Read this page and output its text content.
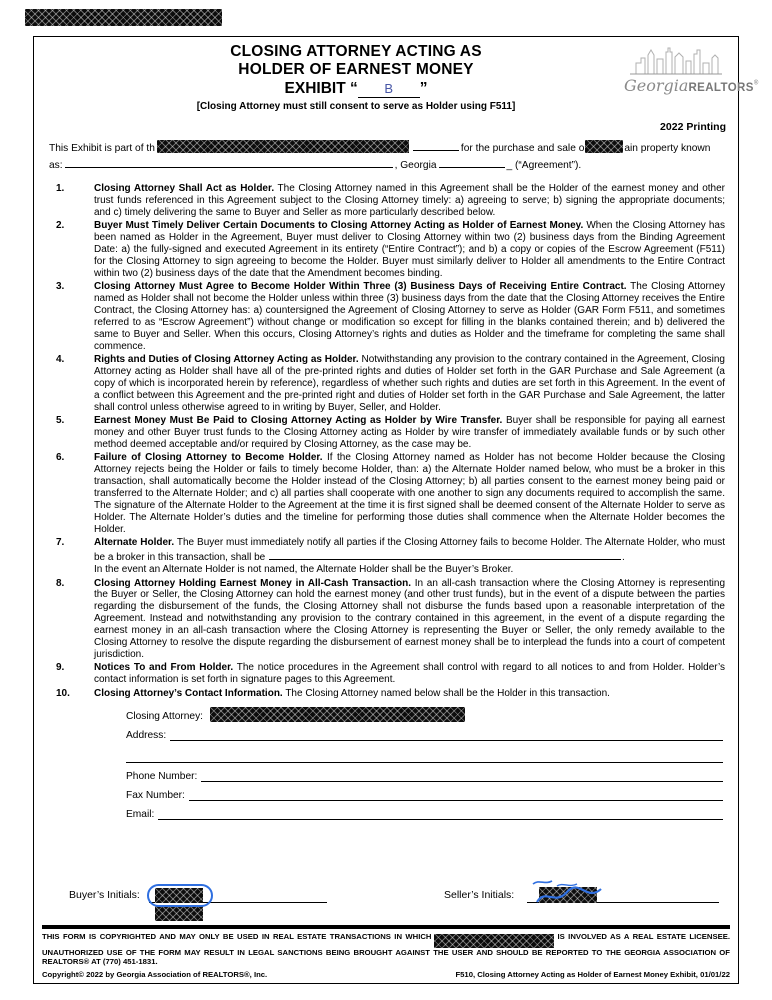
GeorgiaREALTORS®
CLOSING ATTORNEY ACTING AS
HOLDER OF EARNEST MONEY
EXHIBIT “ B ”
[Closing Attorney must still consent to serve as Holder using F511]
2022 Printing
This Exhibit is part of th	for the purchase and sale o	ain property known
as:	, Georgia	_ (“Agreement”).
1.	Closing Attorney Shall Act as Holder. The Closing Attorney named in this Agreement shall be the Holder of the earnest money and other trust funds referenced in this Agreement subject to the Closing Attorney timely: a) agreeing to serve; b) signing the appropriate documents; and c) timely delivering the same to Buyer and Seller as more particularly described below.
2.	Buyer Must Timely Deliver Certain Documents to Closing Attorney Acting as Holder of Earnest Money. When the Closing Attorney has been named as Holder in the Agreement, Buyer must deliver to Closing Attorney within two (2) business days from the Binding Agreement Date: a) the fully-signed and executed Agreement in its entirety (“Entire Contract”); and b) a copy or copies of the Escrow Agreement (F511) for the Closing Attorney to sign agreeing to become the Holder. Buyer must similarly deliver to Holder all amendments to the Entire Contract within two (2) business days of the date that the Amendment becomes binding.
3.	Closing Attorney Must Agree to Become Holder Within Three (3) Business Days of Receiving Entire Contract. The Closing Attorney named as Holder shall not become the Holder unless within three (3) business days from the date that the Closing Attorney receives the Entire Contract, the Closing Attorney has: a) countersigned the Agreement of Closing Attorney to serve as Holder (GAR Form F511, and sometimes referred to as “Escrow Agreement”) without change or modification so except for filling in the blanks contained therein; and b) delivered the same to Buyer and Seller. When this occurs, Closing Attorney’s rights and duties as Holder and the timeframe for completing the same shall commence.
4.	Rights and Duties of Closing Attorney Acting as Holder. Notwithstanding any provision to the contrary contained in the Agreement, Closing Attorney acting as Holder shall have all of the pre-printed rights and duties of Holder set forth in the GAR Purchase and Sale Agreement (a copy of which is incorporated herein by reference), regardless of whether such rights and duties are set forth in this Agreement. In the event of a conflict between this Agreement and the pre-printed right and duties of Holder set forth in the GAR Purchase and Sale Agreement, the latter shall control unless otherwise agreed to in writing by Buyer, Seller, and Holder.
5.	Earnest Money Must Be Paid to Closing Attorney Acting as Holder by Wire Transfer. Buyer shall be responsible for paying all earnest money and other Buyer trust funds to the Closing Attorney acting as Holder by wire transfer of immediately available funds or by such other method deemed acceptable and/or required by Closing Attorney, as the case may be.
6.	Failure of Closing Attorney to Become Holder. If the Closing Attorney named as Holder has not become Holder because the Closing Attorney rejects being the Holder or fails to timely become Holder, than: a) the Alternate Holder named below, who must be a broker in this transaction, shall automatically become the Holder instead of the Closing Attorney; b) all parties consent to the earnest money being paid or transferred to the Alternate Holder; and c) all parties shall cooperate with one another to sign any documents required to accomplish the same. The signature of the Alternate Holder to the Agreement at the time it is first signed shall be deemed consent of the Alternate Holder to serve as Holder. The Alternate Holder’s duties and the timeline for performing those duties shall commence when the Alternate Holder becomes the Holder.
7.	Alternate Holder. The Buyer must immediately notify all parties if the Closing Attorney fails to become Holder. The Alternate Holder, who must be a broker in this transaction, shall be	.
In the event an Alternate Holder is not named, the Alternate Holder shall be the Buyer’s Broker.
8.	Closing Attorney Holding Earnest Money in All-Cash Transaction. In an all-cash transaction where the Closing Attorney is representing the Buyer or Seller, the Closing Attorney can hold the earnest money (and other trust funds), but in the event of a dispute between the parties regarding the disbursement of the funds, the Closing Attorney shall not disburse the funds based upon a reasonable interpretation of the Agreement. Instead and notwithstanding any provision to the contrary contained in this agreement, in the event of a dispute regarding the earnest money in an all-cash transaction where the Closing Attorney is representing the Buyer or Seller, the only remedy available to the Closing Attorney to resolve the dispute regarding the disbursement of earnest money shall be to interplead the funds into a court of competent jurisdiction.
9.	Notices To and From Holder. The notice procedures in the Agreement shall control with regard to all notices to and from Holder. Holder’s contact information is set forth in signature pages to this Agreement.
10.	Closing Attorney’s Contact Information. The Closing Attorney named below shall be the Holder in this transaction.
Closing Attorney:
Address:
Phone Number:
Fax Number:
Email:
Buyer’s Initials:	Seller’s Initials:
THIS FORM IS COPYRIGHTED AND MAY ONLY BE USED IN REAL ESTATE TRANSACTIONS IN WHICH	IS INVOLVED AS A REAL ESTATE LICENSEE. UNAUTHORIZED USE OF THE FORM MAY RESULT IN LEGAL SANCTIONS BEING BROUGHT AGAINST THE USER AND SHOULD BE REPORTED TO THE GEORGIA ASSOCIATION OF REALTORS® AT (770) 451-1831.
Copyright© 2022 by Georgia Association of REALTORS®, Inc.	F510, Closing Attorney Acting as Holder of Earnest Money Exhibit, 01/01/22
